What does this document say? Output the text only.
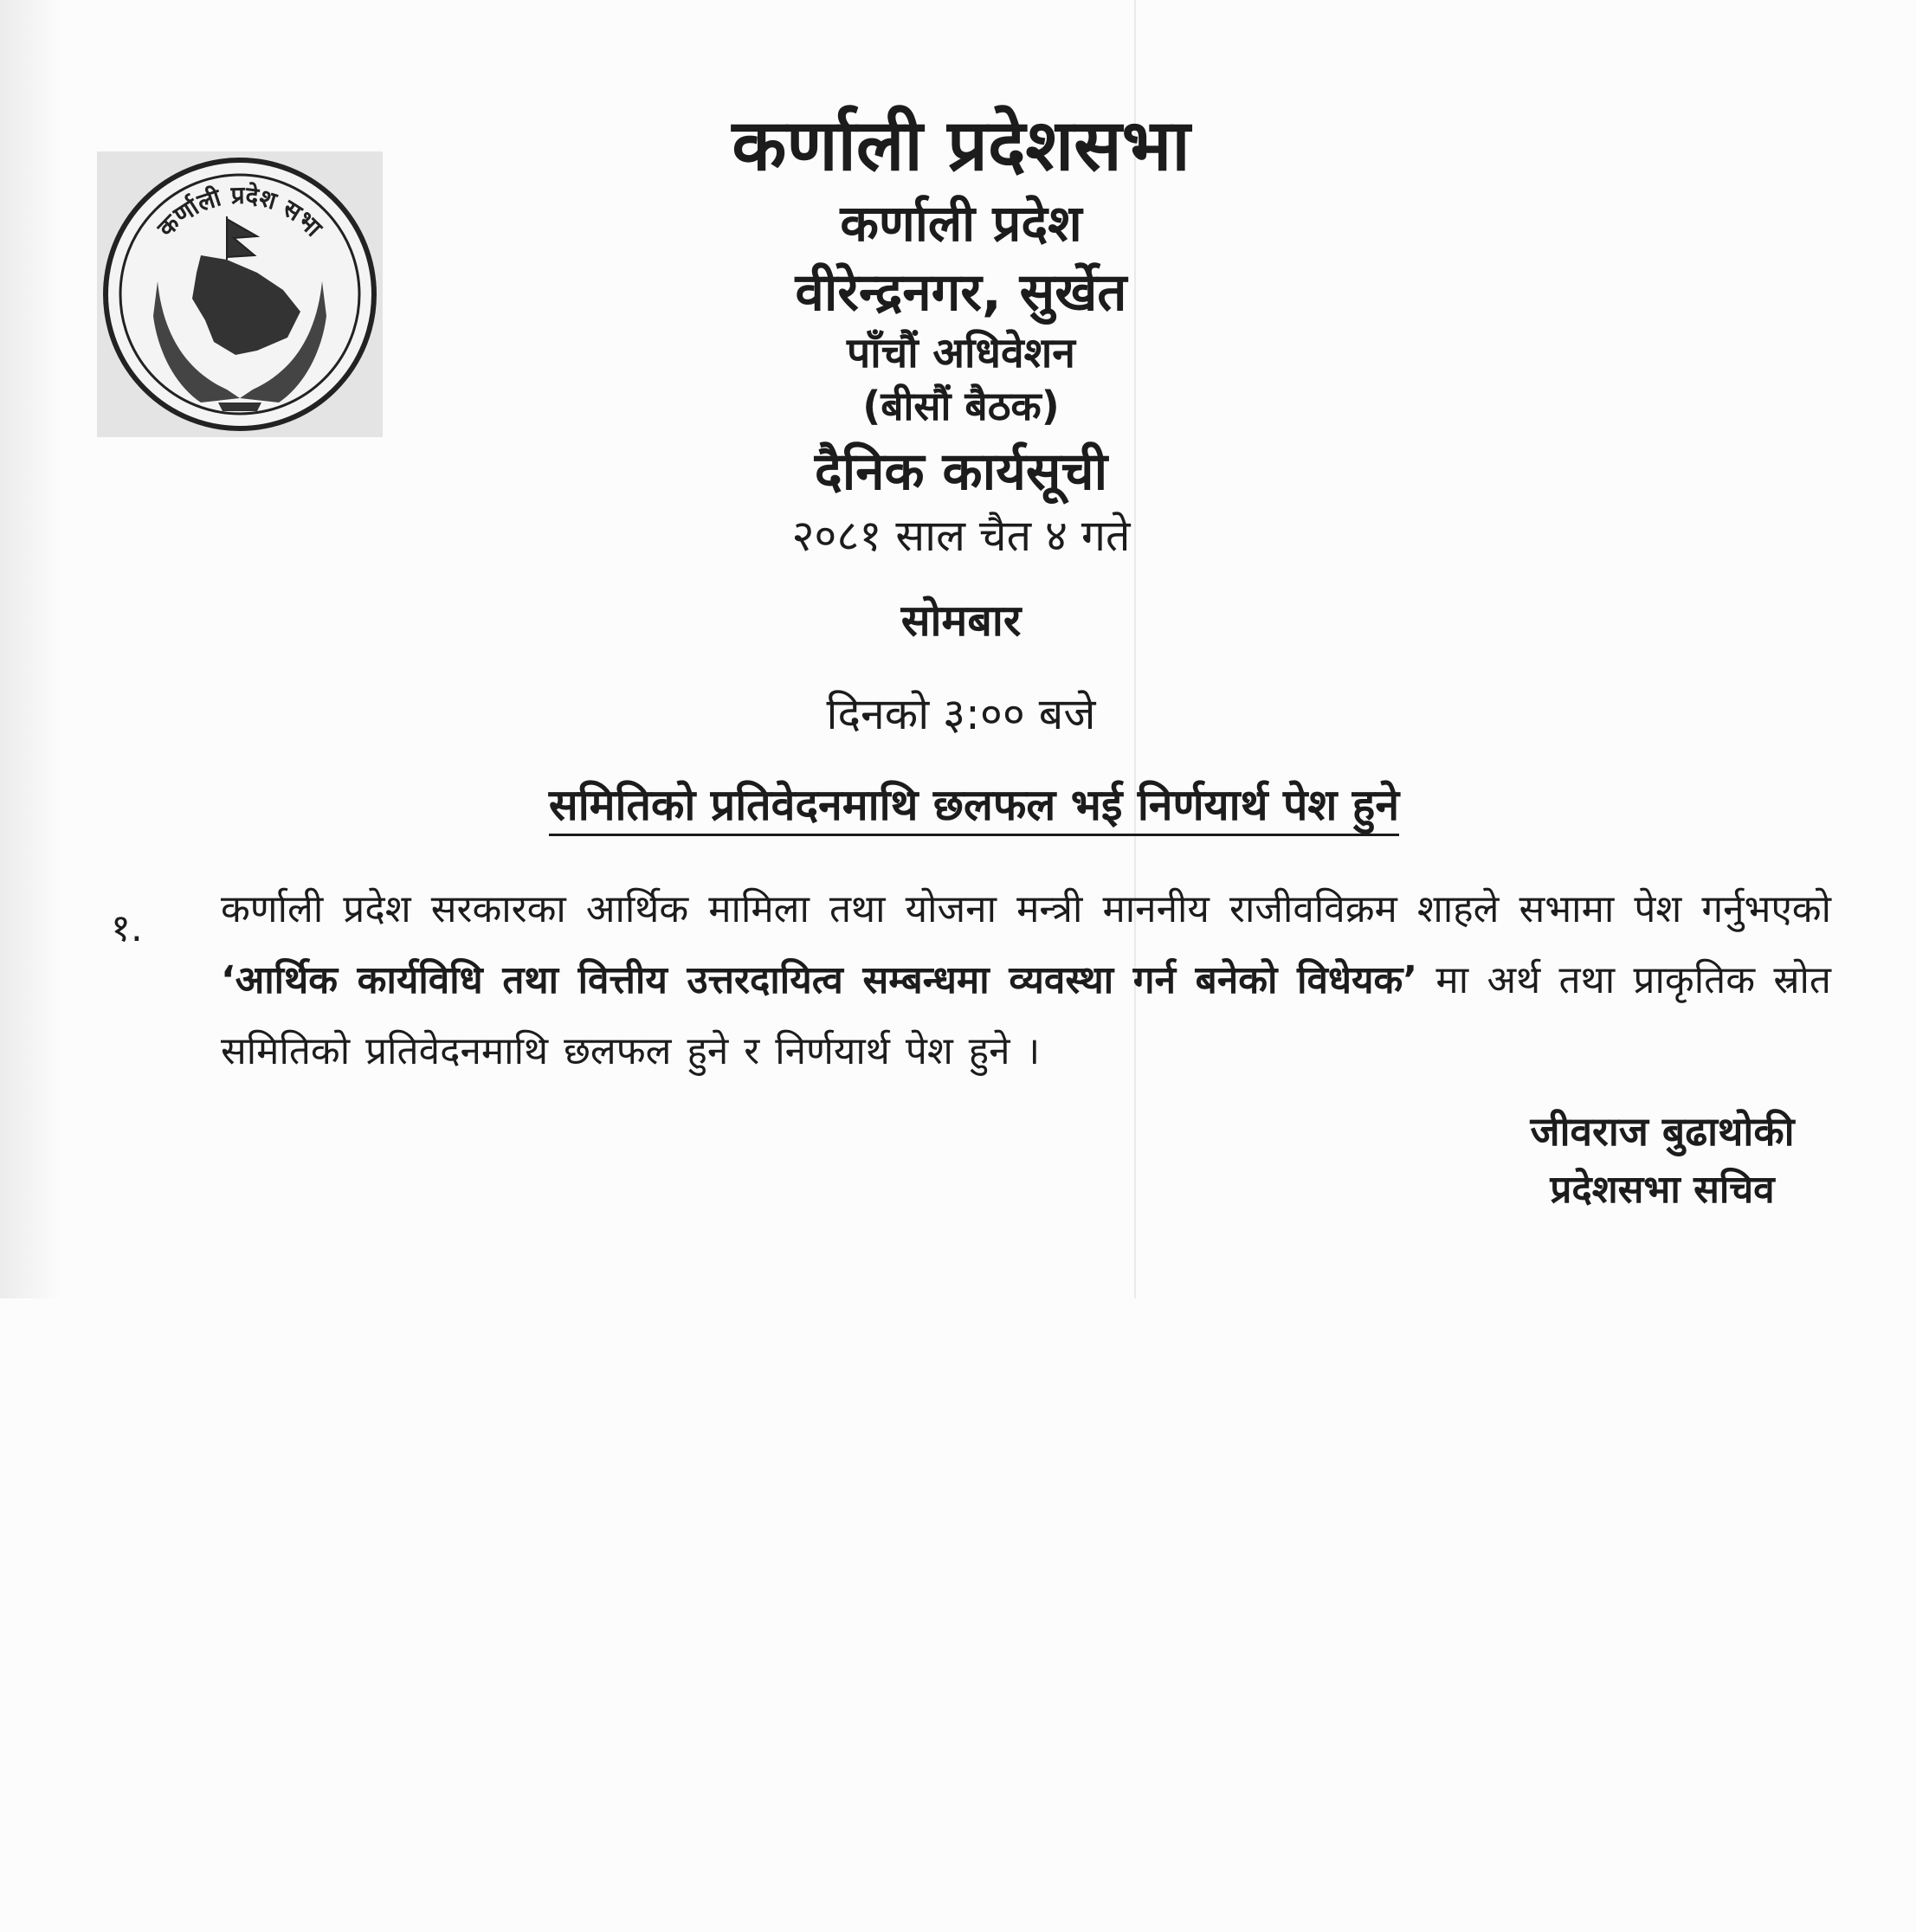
कर्णाली प्रदेश सभा
कर्णाली प्रदेशसभा
कर्णाली प्रदेश
वीरेन्द्रनगर, सुर्खेत
पाँचौं अधिवेशन
(बीसौं बैठक)
दैनिक कार्यसूची
२०८१ साल चैत ४ गते
सोमबार
दिनको ३:०० बजे
समितिको प्रतिवेदनमाथि छलफल भई निर्णयार्थ पेश हुने
१. कर्णाली प्रदेश सरकारका आर्थिक मामिला तथा योजना मन्त्री माननीय राजीवविक्रम शाहले सभामा पेश गर्नुभएको ‘आर्थिक कार्यविधि तथा वित्तीय उत्तरदायित्व सम्बन्धमा व्यवस्था गर्न बनेको विधेयक’ मा अर्थ तथा प्राकृतिक स्रोत समितिको प्रतिवेदनमाथि छलफल हुने र निर्णयार्थ पेश हुने ।
जीवराज बुढाथोकी
प्रदेशसभा सचिव
